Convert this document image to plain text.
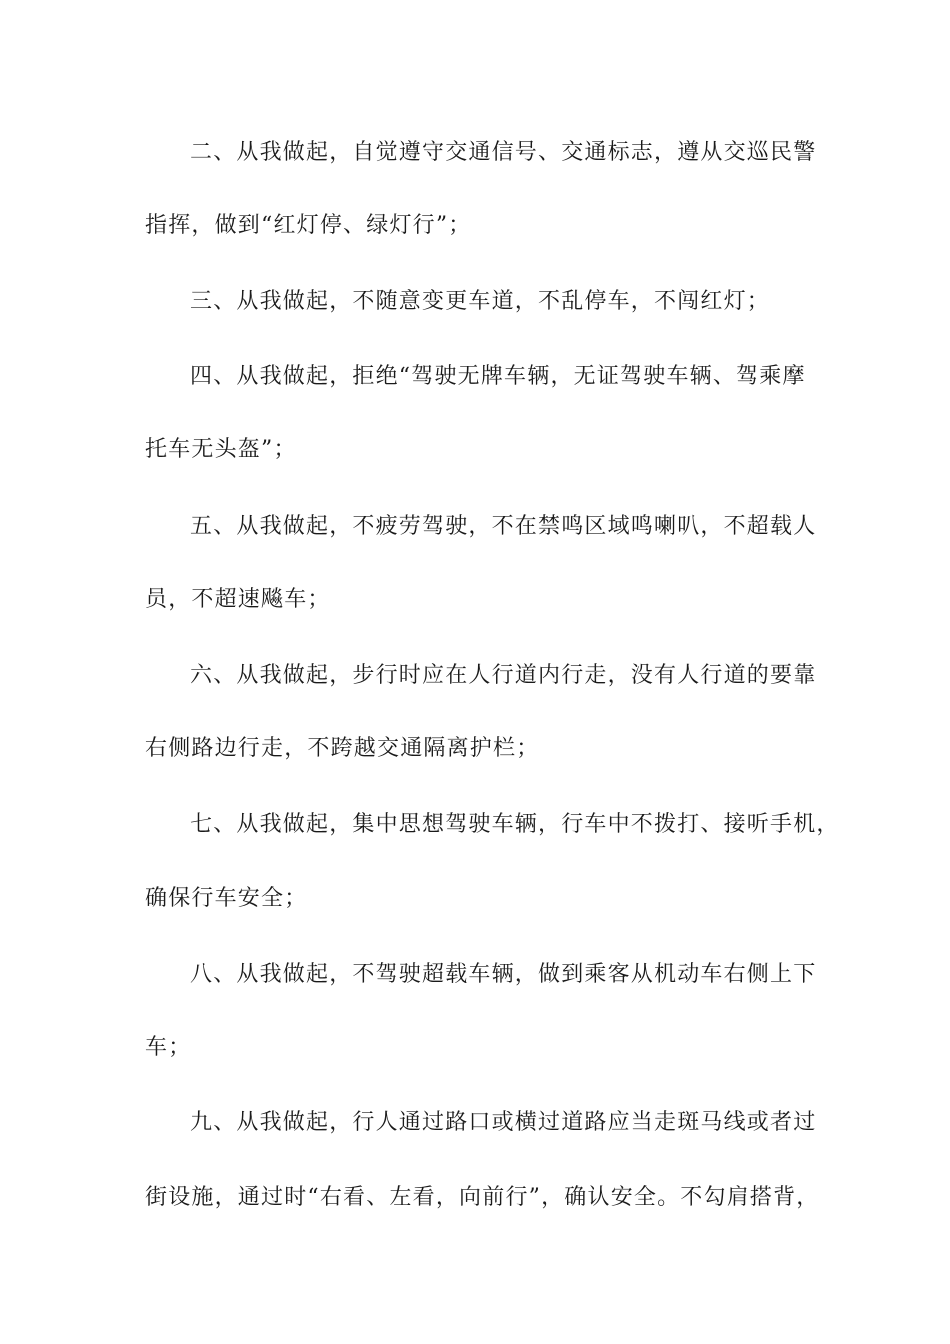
二、从我做起，自觉遵守交通信号、交通标志，遵从交巡民警
指挥，做到“红灯停、绿灯行”；
三、从我做起，不随意变更车道，不乱停车，不闯红灯；
四、从我做起，拒绝“驾驶无牌车辆，无证驾驶车辆、驾乘摩
托车无头盔”；
五、从我做起，不疲劳驾驶，不在禁鸣区域鸣喇叭，不超载人
员，不超速飚车；
六、从我做起，步行时应在人行道内行走，没有人行道的要靠
右侧路边行走，不跨越交通隔离护栏；
七、从我做起，集中思想驾驶车辆，行车中不拨打、接听手机，
确保行车安全；
八、从我做起，不驾驶超载车辆，做到乘客从机动车右侧上下
车；
九、从我做起，行人通过路口或横过道路应当走斑马线或者过
街设施，通过时“右看、左看，向前行”，确认安全。不勾肩搭背，
